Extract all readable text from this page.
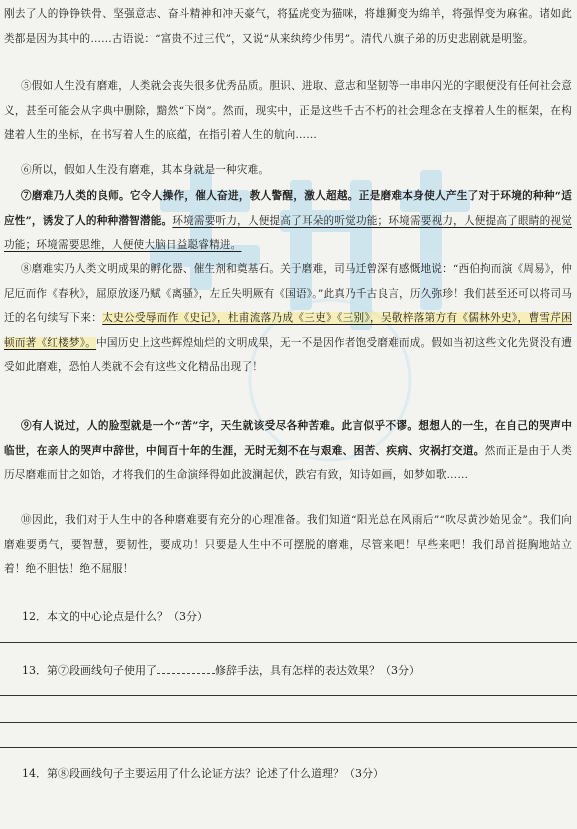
刚去了人的铮铮铁骨、坚强意志、奋斗精神和冲天豪气，将猛虎变为猫咪，将雄狮变为绵羊，将强悍变为麻雀。诸如此类都是因为其中的……古语说：“富贵不过三代”，又说“从来纨绔少伟男”。清代八旗子弟的历史悲剧就是明鉴。
⑤假如人生没有磨难，人类就会丧失很多优秀品质。胆识、进取、意志和坚韧等一串串闪光的字眼便没有任何社会意义，甚至可能会从字典中删除，黯然“下岗”。然而，现实中，正是这些千古不朽的社会理念在支撑着人生的框架，在构建着人生的坐标，在书写着人生的底蕴，在指引着人生的航向……
⑥所以，假如人生没有磨难，其本身就是一种灾难。
⑦磨难乃人类的良师。它令人操作，催人奋进，教人警醒，激人超越。正是磨难本身使人产生了对于环境的种种“适应性”，诱发了人的种种潜智潜能。环境需要听力，人便提高了耳朵的听觉功能；环境需要视力，人便提高了眼睛的视觉功能；环境需要思维，人便使大脑日益聪睿精进。
⑧磨难实乃人类文明成果的孵化器、催生剂和奠基石。关于磨难，司马迁曾深有感慨地说：“西伯拘而演《周易》，仲尼厄而作《春秋》，屈原放逐乃赋《离骚》，左丘失明厥有《国语》。”此真乃千古良言，历久弥珍！我们甚至还可以将司马迁的名句续写下来：太史公受辱而作《史记》，杜甫流落乃成《三吏》《三别》，吴敬梓落第方有《儒林外史》，曹雪芹困顿而著《红楼梦》。中国历史上这些辉煌灿烂的文明成果，无一不是因作者饱受磨难而成。假如当初这些文化先贤没有遭受如此磨难，恐怕人类就不会有这些文化精品出现了！
⑨有人说过，人的脸型就是一个“苦”字，天生就该受尽各种苦难。此言似乎不谬。想想人的一生，在自己的哭声中临世，在亲人的哭声中辞世，中间百十年的生涯，无时无刻不在与艰难、困苦、疾病、灾祸打交道。然而正是由于人类历尽磨难而甘之如饴，才将我们的生命演绎得如此波澜起伏，跌宕有致，知诗如画，如梦如歌……
⑩因此，我们对于人生中的各种磨难要有充分的心理准备。我们知道“阳光总在风雨后”“吹尽黄沙始见金”。我们向磨难要勇气，要智慧，要韧性，要成功！只要是人生中不可摆脱的磨难，尽管来吧！早些来吧！我们昂首挺胸地站立着！绝不胆怯！绝不屈服！
12．本文的中心论点是什么？（3分）
13．第⑦段画线句子使用了	修辞手法，具有怎样的表达效果？（3分）
14．第⑧段画线句子主要运用了什么论证方法？论述了什么道理？（3分）
